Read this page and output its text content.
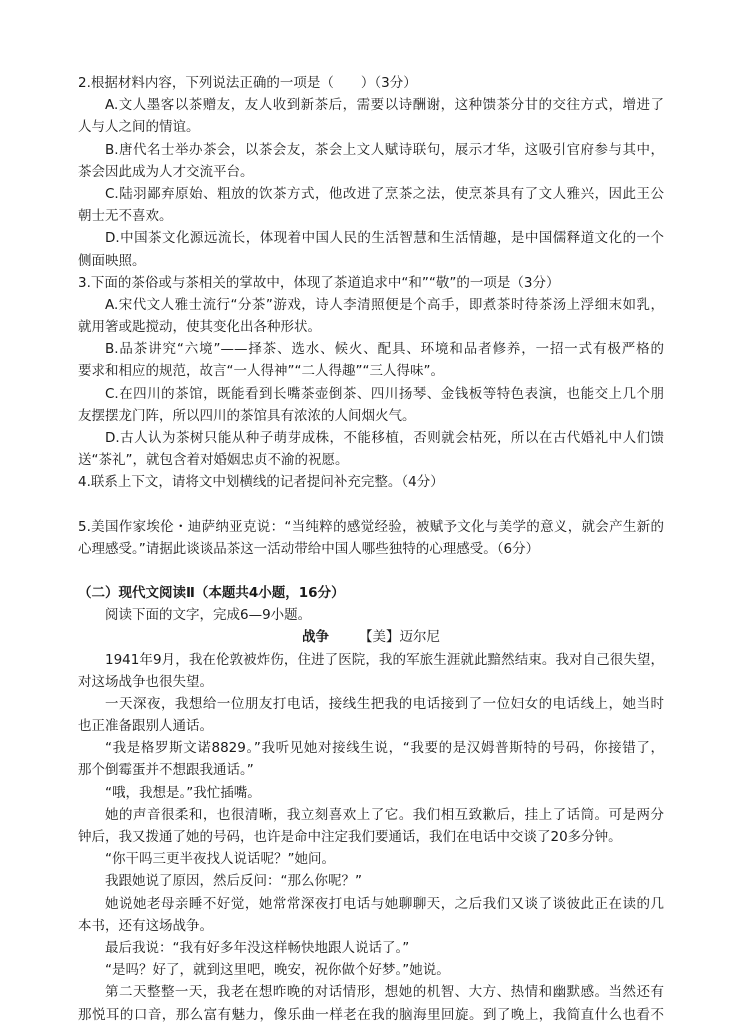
2.根据材料内容，下列说法正确的一项是（　　）（3分）
A.文人墨客以茶赠友，友人收到新茶后，需要以诗酬谢，这种馈茶分甘的交往方式，增进了
人与人之间的情谊。
B.唐代名士举办茶会，以茶会友，茶会上文人赋诗联句，展示才华，这吸引官府参与其中，
茶会因此成为人才交流平台。
C.陆羽鄙弃原始、粗放的饮茶方式，他改进了烹茶之法，使烹茶具有了文人雅兴，因此王公
朝士无不喜欢。
D.中国茶文化源远流长，体现着中国人民的生活智慧和生活情趣，是中国儒释道文化的一个
侧面映照。
3.下面的茶俗或与茶相关的掌故中，体现了茶道追求中“和”“敬”的一项是（3分）
A.宋代文人雅士流行“分茶”游戏，诗人李清照便是个高手，即煮茶时待茶汤上浮细末如乳，
就用箸或匙搅动，使其变化出各种形状。
B.品茶讲究“六境”——择茶、选水、候火、配具、环境和品者修养，一招一式有极严格的
要求和相应的规范，故言“一人得神”“二人得趣”“三人得味”。
C.在四川的茶馆，既能看到长嘴茶壶倒茶、四川扬琴、金钱板等特色表演，也能交上几个朋
友摆摆龙门阵，所以四川的茶馆具有浓浓的人间烟火气。
D.古人认为茶树只能从种子萌芽成株，不能移植，否则就会枯死，所以在古代婚礼中人们馈
送“茶礼”，就包含着对婚姻忠贞不渝的祝愿。
4.联系上下文，请将文中划横线的记者提问补充完整。（4分）
5.美国作家埃伦・迪萨纳亚克说：“当纯粹的感觉经验，被赋予文化与美学的意义，就会产生新的
心理感受。”请据此谈谈品茶这一活动带给中国人哪些独特的心理感受。（6分）
（二）现代文阅读Ⅱ（本题共4小题，16分）
阅读下面的文字，完成6—9小题。
战争 【美】迈尔尼
1941年9月，我在伦敦被炸伤，住进了医院，我的军旅生涯就此黯然结束。我对自己很失望，
对这场战争也很失望。
一天深夜，我想给一位朋友打电话，接线生把我的电话接到了一位妇女的电话线上，她当时
也正准备跟别人通话。
“我是格罗斯文诺8829。”我听见她对接线生说，“我要的是汉姆普斯特的号码，你接错了，
那个倒霉蛋并不想跟我通话。”
“哦，我想是。”我忙插嘴。
她的声音很柔和，也很清晰，我立刻喜欢上了它。我们相互致歉后，挂上了话筒。可是两分
钟后，我又拨通了她的号码，也许是命中注定我们要通话，我们在电话中交谈了20多分钟。
“你干吗三更半夜找人说话呢？”她问。
我跟她说了原因，然后反问：“那么你呢？”
她说她老母亲睡不好觉，她常常深夜打电话与她聊聊天，之后我们又谈了谈彼此正在读的几
本书，还有这场战争。
最后我说：“我有好多年没这样畅快地跟人说话了。”
“是吗？好了，就到这里吧，晚安，祝你做个好梦。”她说。
第二天整整一天，我老在想昨晚的对话情形，想她的机智、大方、热情和幽默感。当然还有
那悦耳的口音，那么富有魅力，像乐曲一样老在我的脑海里回旋。到了晚上，我简直什么也看不
